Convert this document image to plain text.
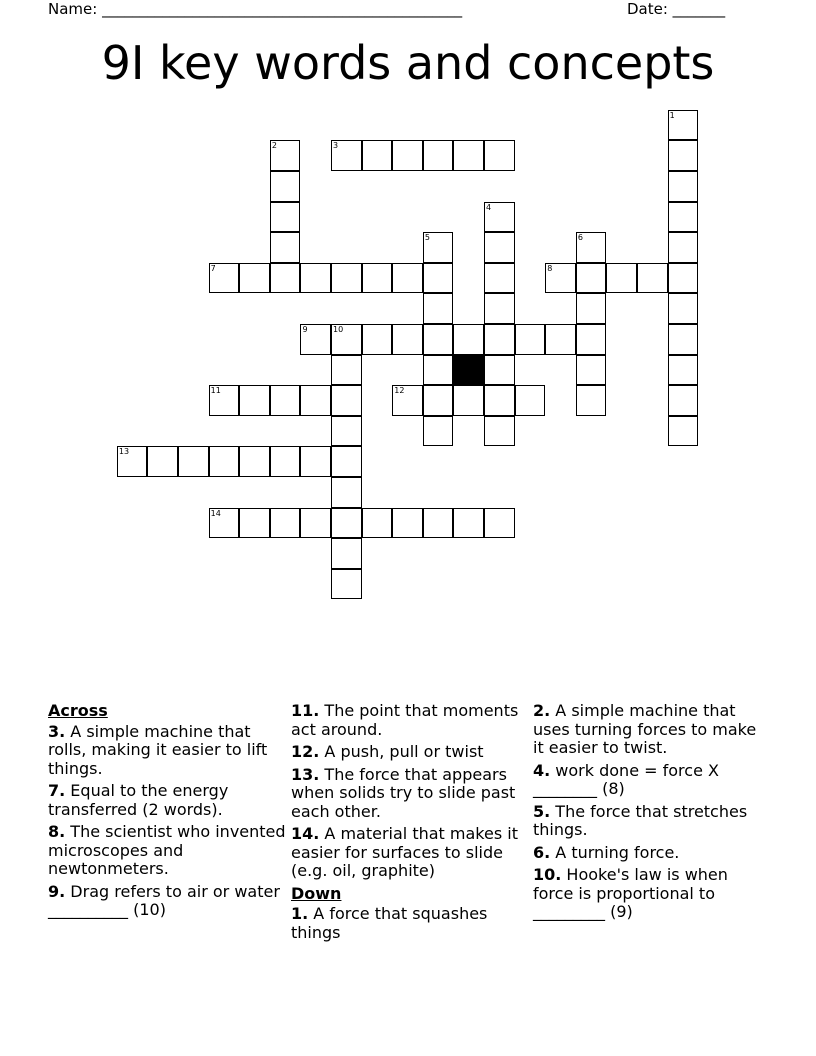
Name: ________________________________________________	Date: _______
9I key words and concepts
1
2	3
4
5	6
7	8
9	10
11	12
13
14
Across
3. A simple machine that rolls, making it easier to lift things.
7. Equal to the energy transferred (2 words).
8. The scientist who invented microscopes and newtonmeters.
9. Drag refers to air or water __________ (10)
11. The point that moments act around.
12. A push, pull or twist
13. The force that appears when solids try to slide past each other.
14. A material that makes it easier for surfaces to slide (e.g. oil, graphite)
Down
1. A force that squashes things
2. A simple machine that uses turning forces to make it easier to twist.
4. work done = force X ________ (8)
5. The force that stretches things.
6. A turning force.
10. Hooke's law is when force is proportional to _________ (9)
